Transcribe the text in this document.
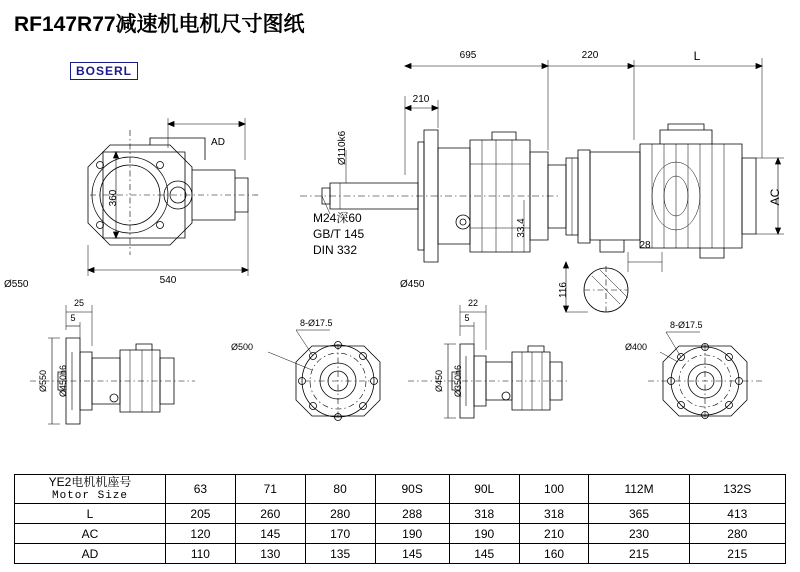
RF147R77减速机电机尺寸图纸
BOSERL
695	220	L
210
Ø110k6
AD
360
540
AC
33.4
28
116
M24深60
GB/T 145
DIN 332
Ø550	Ø450
25
5
Ø550 Ø450h6
8-Ø17.5
Ø500
22
5
Ø450 Ø350h6
8-Ø17.5
Ø400
YE2电机机座号
Motor Size	63	71	80	90S	90L	100	112M	132S
L	205	260	280	288	318	318	365	413
AC	120	145	170	190	190	210	230	280
AD	110	130	135	145	145	160	215	215
